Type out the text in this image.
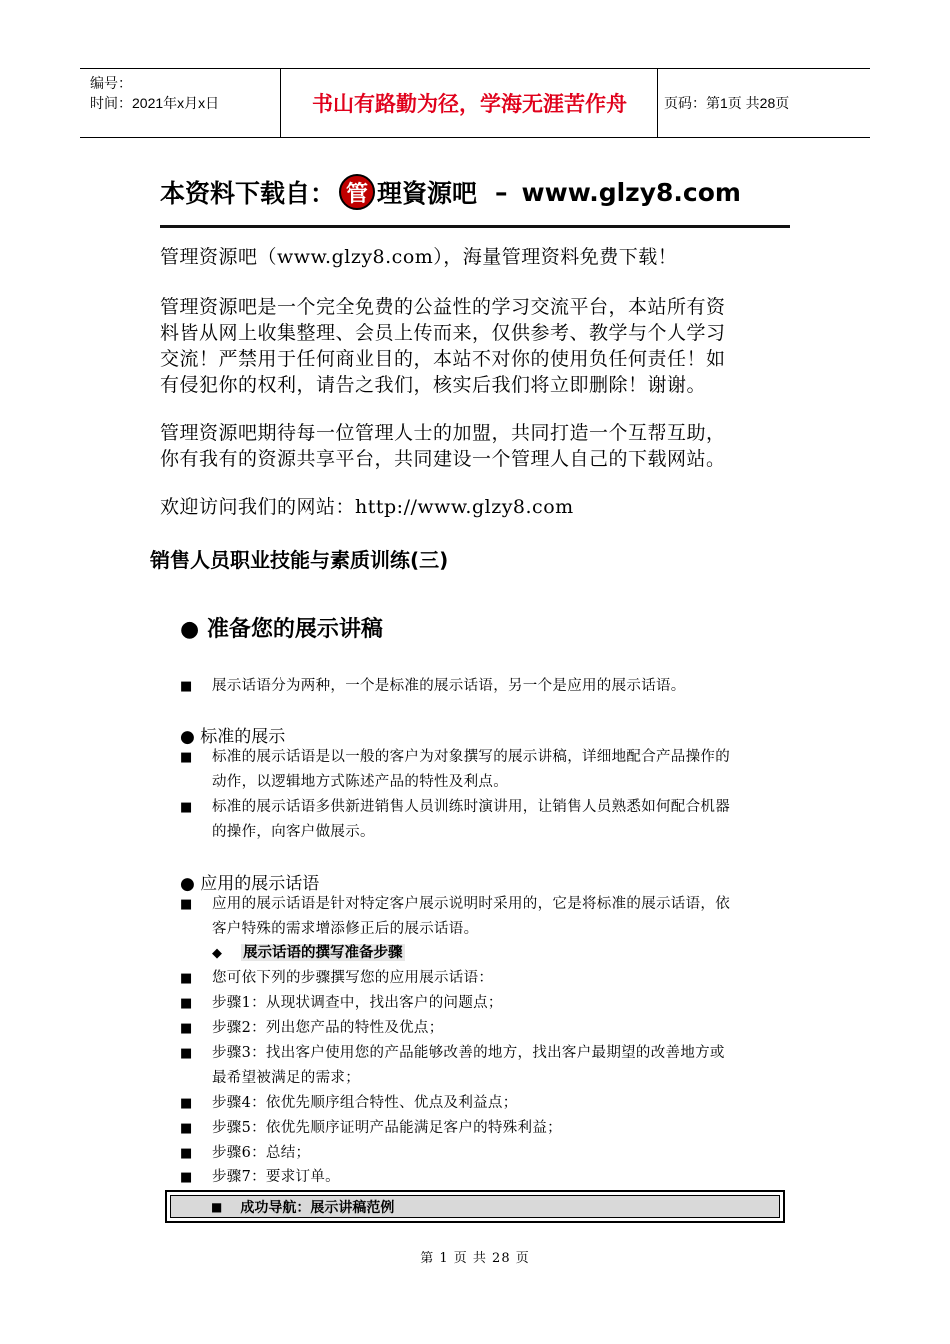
编号：
时间：2021年x月x日	书山有路勤为径，学海无涯苦作舟	页码：第1页 共28页
本资料下载自： 管 理資源吧 – www.glzy8.com
管理资源吧（www.glzy8.com），海量管理资料免费下载！
管理资源吧是一个完全免费的公益性的学习交流平台，本站所有资
料皆从网上收集整理、会员上传而来，仅供参考、教学与个人学习
交流！严禁用于任何商业目的，本站不对你的使用负任何责任！如
有侵犯你的权利，请告之我们，核实后我们将立即删除！谢谢。
管理资源吧期待每一位管理人士的加盟，共同打造一个互帮互助，
你有我有的资源共享平台，共同建设一个管理人自己的下载网站。
欢迎访问我们的网站：http://www.glzy8.com
销售人员职业技能与素质训练(三)
● 准备您的展示讲稿
■ 展示话语分为两种，一个是标准的展示话语，另一个是应用的展示话语。
● 标准的展示
■ 标准的展示话语是以一般的客户为对象撰写的展示讲稿，详细地配合产品操作的
动作，以逻辑地方式陈述产品的特性及利点。
■ 标准的展示话语多供新进销售人员训练时演讲用，让销售人员熟悉如何配合机器
的操作，向客户做展示。
● 应用的展示话语
■ 应用的展示话语是针对特定客户展示说明时采用的，它是将标准的展示话语，依
客户特殊的需求增添修正后的展示话语。
◆ 展示话语的撰写准备步骤
■ 您可依下列的步骤撰写您的应用展示话语：
■ 步骤1：从现状调查中，找出客户的问题点；
■ 步骤2：列出您产品的特性及优点；
■ 步骤3：找出客户使用您的产品能够改善的地方，找出客户最期望的改善地方或
最希望被满足的需求；
■ 步骤4：依优先顺序组合特性、优点及利益点；
■ 步骤5：依优先顺序证明产品能满足客户的特殊利益；
■ 步骤6：总结；
■ 步骤7：要求订单。
■ 成功导航：展示讲稿范例
第 1 页 共 28 页
